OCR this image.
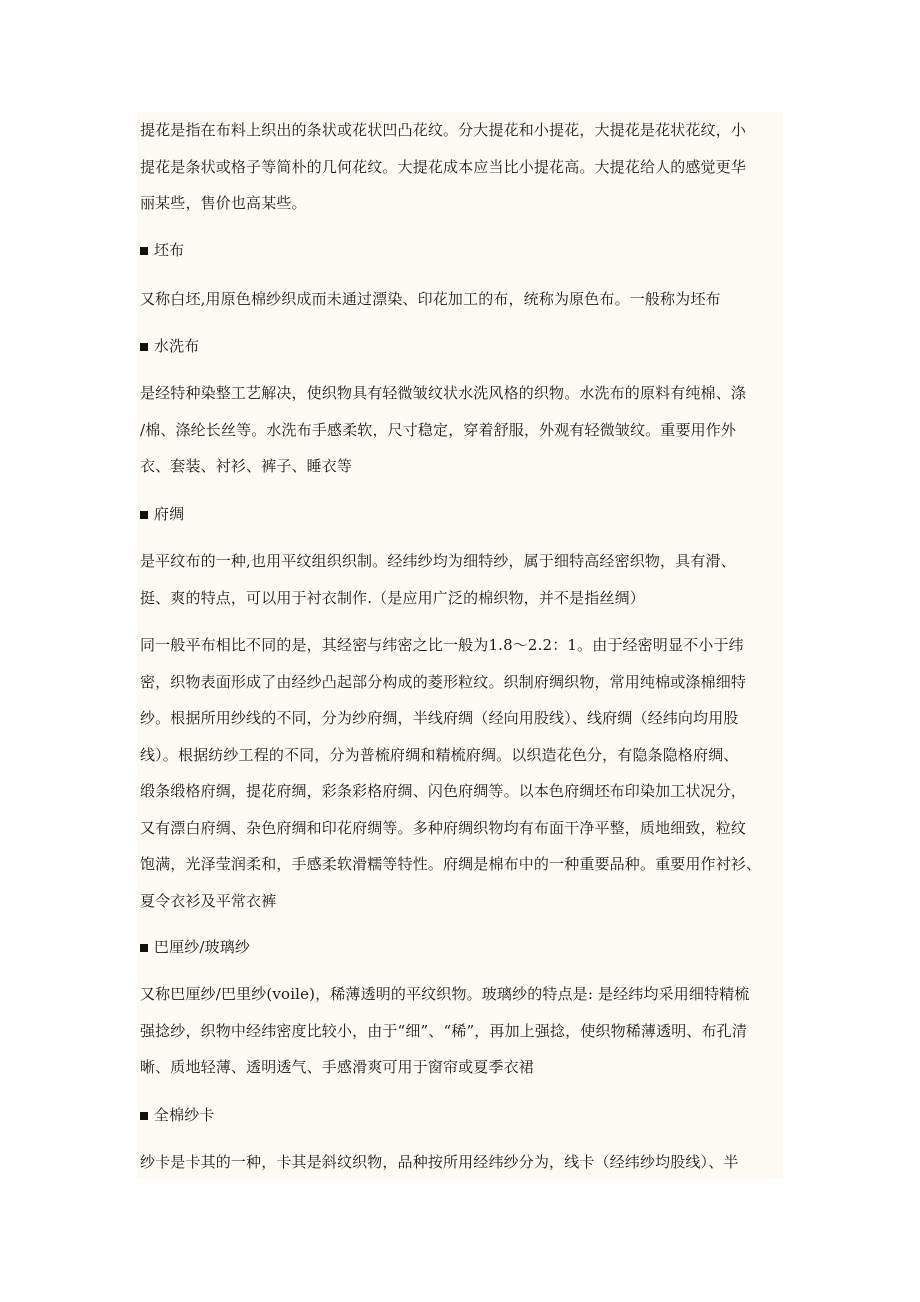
提花是指在布料上织出的条状或花状凹凸花纹。分大提花和小提花，大提花是花状花纹，小
提花是条状或格子等简朴的几何花纹。大提花成本应当比小提花高。大提花给人的感觉更华
丽某些，售价也高某些。
坯布
又称白坯,用原色棉纱织成而未通过漂染、印花加工的布，统称为原色布。一般称为坯布
水洗布
是经特种染整工艺解决，使织物具有轻微皱纹状水洗风格的织物。水洗布的原料有纯棉、涤
/棉、涤纶长丝等。水洗布手感柔软，尺寸稳定，穿着舒服，外观有轻微皱纹。重要用作外
衣、套装、衬衫、裤子、睡衣等
府绸
是平纹布的一种,也用平纹组织织制。经纬纱均为细特纱，属于细特高经密织物，具有滑、
挺、爽的特点，可以用于衬衣制作.（是应用广泛的棉织物，并不是指丝绸）
同一般平布相比不同的是，其经密与纬密之比一般为1.8～2.2：1。由于经密明显不小于纬
密，织物表面形成了由经纱凸起部分构成的菱形粒纹。织制府绸织物，常用纯棉或涤棉细特
纱。根据所用纱线的不同，分为纱府绸，半线府绸（经向用股线）、线府绸（经纬向均用股
线）。根据纺纱工程的不同，分为普梳府绸和精梳府绸。以织造花色分，有隐条隐格府绸、
缎条缎格府绸，提花府绸，彩条彩格府绸、闪色府绸等。以本色府绸坯布印染加工状况分，
又有漂白府绸、杂色府绸和印花府绸等。多种府绸织物均有布面干净平整，质地细致，粒纹
饱满，光泽莹润柔和，手感柔软滑糯等特性。府绸是棉布中的一种重要品种。重要用作衬衫、
夏令衣衫及平常衣裤
巴厘纱/玻璃纱
又称巴厘纱/巴里纱(voile)，稀薄透明的平纹织物。玻璃纱的特点是: 是经纬均采用细特精梳
强捻纱，织物中经纬密度比较小，由于“细”、“稀”，再加上强捻，使织物稀薄透明、布孔清
晰、质地轻薄、透明透气、手感滑爽可用于窗帘或夏季衣裙
全棉纱卡
纱卡是卡其的一种，卡其是斜纹织物，品种按所用经纬纱分为，线卡（经纬纱均股线）、半
